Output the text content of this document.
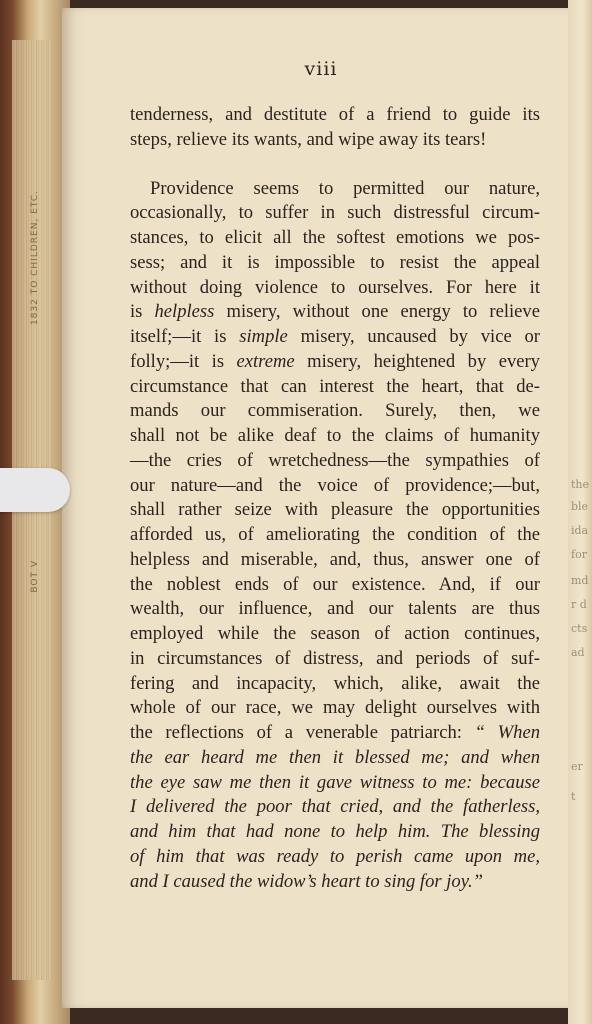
1832 TO CHILDREN, ETC.
BOT V
viii
tenderness, and destitute of a friend to guide its
steps, relieve its wants, and wipe away its tears!
Providence seems to permitted our nature,
occasionally, to suffer in such distressful circum-
stances, to elicit all the softest emotions we pos-
sess; and it is impossible to resist the appeal
without doing violence to ourselves. For here it
is helpless misery, without one energy to relieve
itself;—it is simple misery, uncaused by vice or
folly;—it is extreme misery, heightened by every
circumstance that can interest the heart, that de-
mands our commiseration. Surely, then, we
shall not be alike deaf to the claims of humanity
—the cries of wretchedness—the sympathies of
our nature—and the voice of providence;—but,
shall rather seize with pleasure the opportunities
afforded us, of ameliorating the condition of the
helpless and miserable, and, thus, answer one of
the noblest ends of our existence. And, if our
wealth, our influence, and our talents are thus
employed while the season of action continues,
in circumstances of distress, and periods of suf-
fering and incapacity, which, alike, await the
whole of our race, we may delight ourselves with
the reflections of a venerable patriarch: “ When
the ear heard me then it blessed me; and when
the eye saw me then it gave witness to me: because
I delivered the poor that cried, and the fatherless,
and him that had none to help him. The blessing
of him that was ready to perish came upon me,
and I caused the widow’s heart to sing for joy.”
the
ble
ida
for
md
r d
cts
ad
er
t
